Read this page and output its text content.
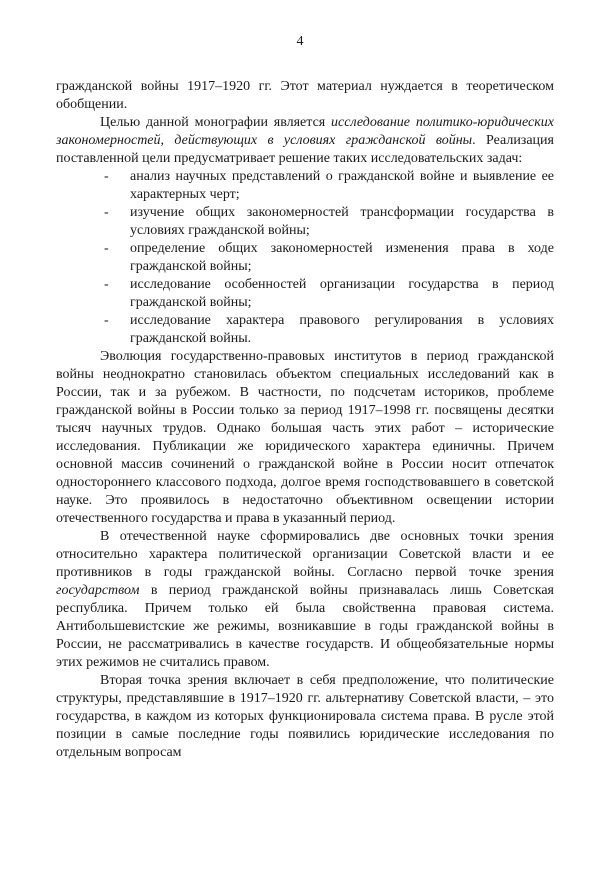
4

гражданской войны 1917–1920 гг. Этот материал нуждается в теоретическом обобщении.

Целью данной монографии является исследование политико-юридических закономерностей, действующих в условиях гражданской войны. Реализация поставленной цели предусматривает решение таких исследовательских задач:

- анализ научных представлений о гражданской войне и выявление ее характерных черт;
- изучение общих закономерностей трансформации государства в условиях гражданской войны;
- определение общих закономерностей изменения права в ходе гражданской войны;
- исследование особенностей организации государства в период гражданской войны;
- исследование характера правового регулирования в условиях гражданской войны.

Эволюция государственно-правовых институтов в период гражданской войны неоднократно становилась объектом специальных исследований как в России, так и за рубежом. В частности, по подсчетам историков, проблеме гражданской войны в России только за период 1917–1998 гг. посвящены десятки тысяч научных трудов. Однако большая часть этих работ – исторические исследования. Публикации же юридического характера единичны. Причем основной массив сочинений о гражданской войне в России носит отпечаток одностороннего классового подхода, долгое время господствовавшего в советской науке. Это проявилось в недостаточно объективном освещении истории отечественного государства и права в указанный период.

В отечественной науке сформировались две основных точки зрения относительно характера политической организации Советской власти и ее противников в годы гражданской войны. Согласно первой точке зрения государством в период гражданской войны признавалась лишь Советская республика. Причем только ей была свойственна правовая система. Антибольшевистские же режимы, возникавшие в годы гражданской войны в России, не рассматривались в качестве государств. И общеобязательные нормы этих режимов не считались правом.

Вторая точка зрения включает в себя предположение, что политические структуры, представлявшие в 1917–1920 гг. альтернативу Советской власти, – это государства, в каждом из которых функционировала система права. В русле этой позиции в самые последние годы появились юридические исследования по отдельным вопросам
